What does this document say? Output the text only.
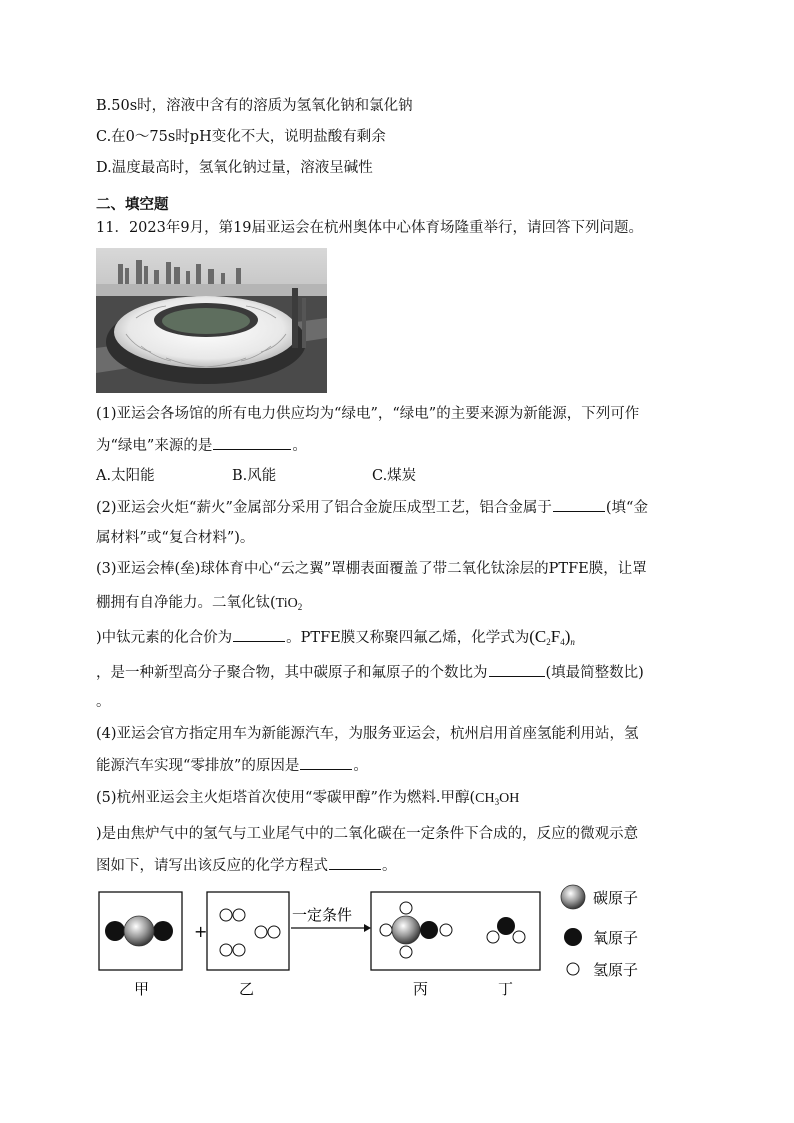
B.50s时，溶液中含有的溶质为氢氧化钠和氯化钠
C.在0～75s时pH变化不大，说明盐酸有剩余
D.温度最高时，氢氧化钠过量，溶液呈碱性
二、填空题
11．2023年9月，第19届亚运会在杭州奥体中心体育场隆重举行，请回答下列问题。
(1)亚运会各场馆的所有电力供应均为“绿电”，“绿电”的主要来源为新能源，下列可作
为“绿电”来源的是	。
A.太阳能	B.风能	C.煤炭
(2)亚运会火炬“薪火”金属部分采用了铝合金旋压成型工艺，铝合金属于	(填“金
属材料”或“复合材料”)。
(3)亚运会棒(垒)球体育中心“云之翼”罩棚表面覆盖了带二氧化钛涂层的PTFE膜，让罩
棚拥有自净能力。二氧化钛(TiO$_2$
)中钛元素的化合价为	。PTFE膜又称聚四氟乙烯，化学式为$(C_2F_4)_n$
，是一种新型高分子聚合物，其中碳原子和氟原子的个数比为	(填最简整数比)
。
(4)亚运会官方指定用车为新能源汽车，为服务亚运会，杭州启用首座氢能利用站，氢
能源汽车实现“零排放”的原因是	。
(5)杭州亚运会主火炬塔首次使用“零碳甲醇”作为燃料.甲醇($CH_3OH$
)是由焦炉气中的氢气与工业尾气中的二氧化碳在一定条件下合成的，反应的微观示意
图如下，请写出该反应的化学方程式	。
+
一定条件
甲	乙	丙	丁
碳原子
氧原子
氢原子
